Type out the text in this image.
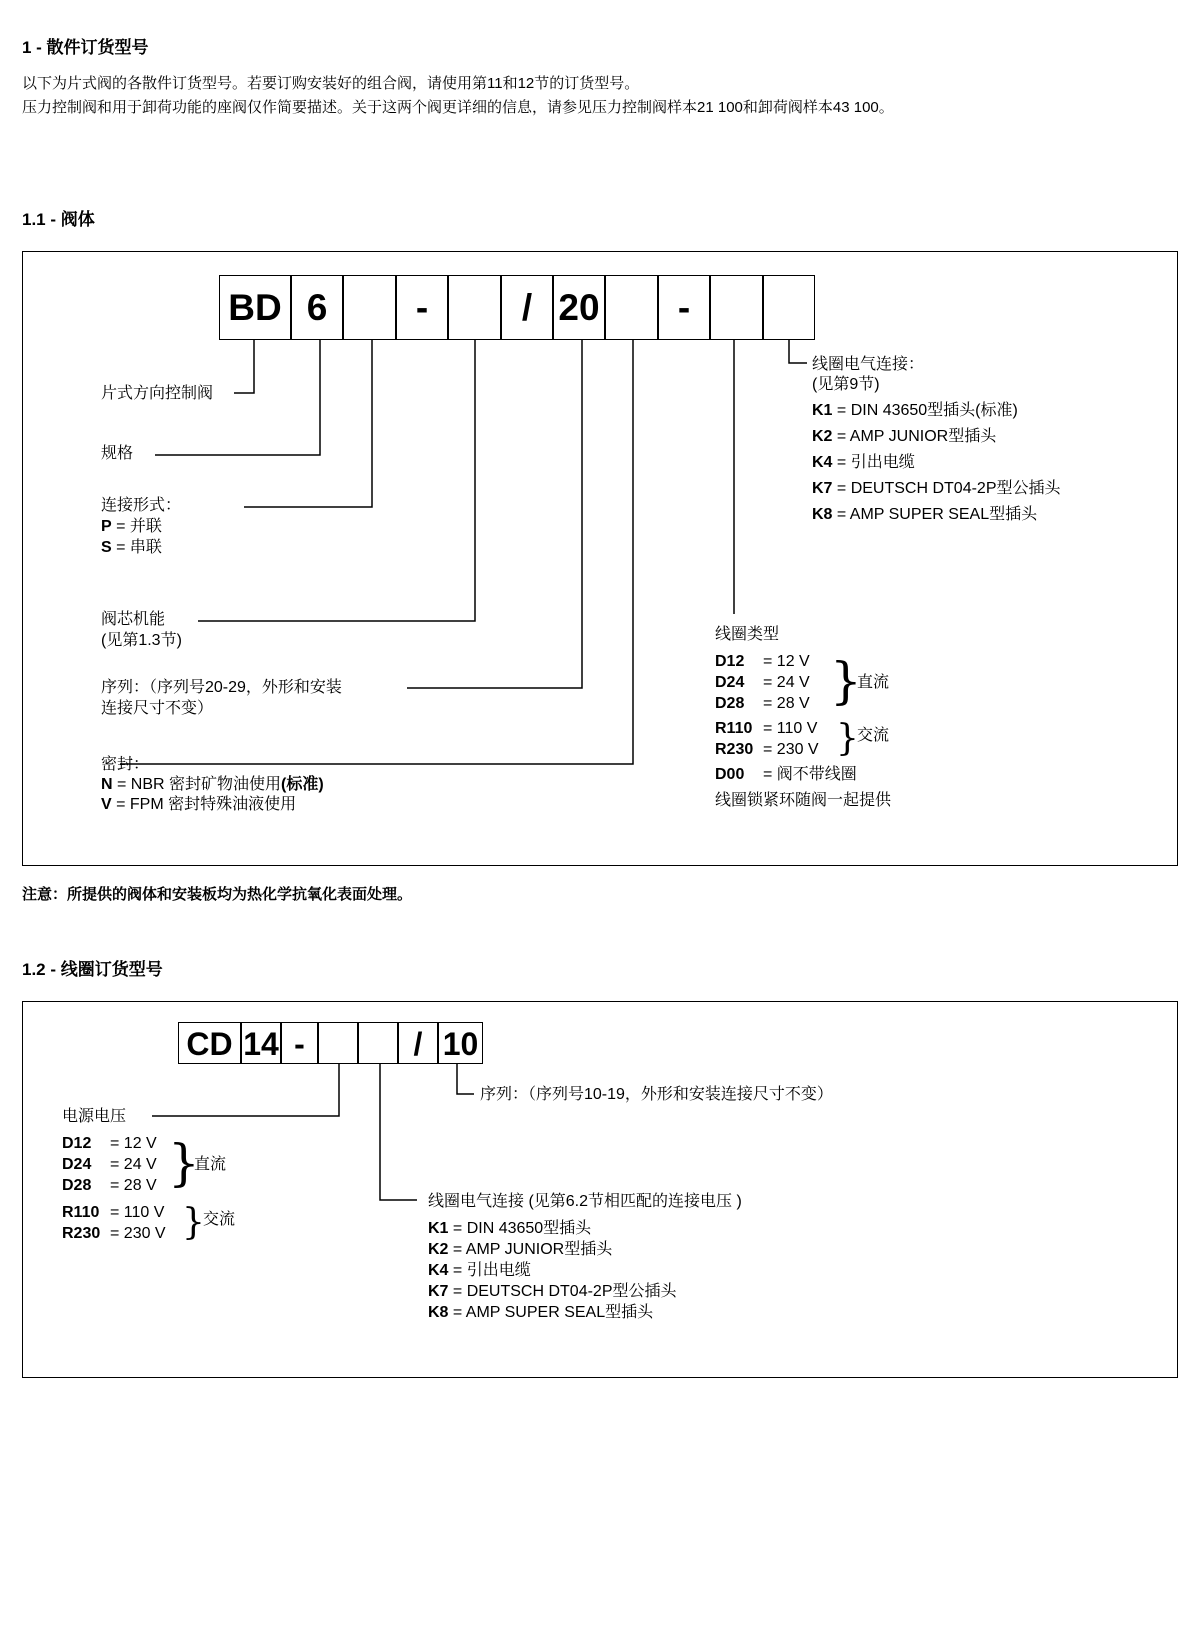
1 - 散件订货型号
以下为片式阀的各散件订货型号。若要订购安装好的组合阀，请使用第11和12节的订货型号。
压力控制阀和用于卸荷功能的座阀仅作简要描述。关于这两个阀更详细的信息，请参见压力控制阀样本21 100和卸荷阀样本43 100。
1.1 - 阀体
BD 6	-	/ 20	-
片式方向控制阀
规格
连接形式：
P = 并联
S = 串联
阀芯机能
(见第1.3节)
序列：（序列号20-29，外形和安装
连接尺寸不变）
密封：
N = NBR 密封矿物油使用(标准)
V = FPM 密封特殊油液使用
线圈电气连接：
(见第9节)
K1 = DIN 43650型插头(标准)
K2 = AMP JUNIOR型插头
K4 = 引出电缆
K7 = DEUTSCH DT04-2P型公插头
K8 = AMP SUPER SEAL型插头
线圈类型
D12 = 12 V
D24 = 24 V
D28 = 28 V }
直流
R110 = 110 V
R230 = 230 V }
交流
D00 = 阀不带线圈
线圈锁紧环随阀一起提供
注意：所提供的阀体和安装板均为热化学抗氧化表面处理。
1.2 - 线圈订货型号
CD 14 -	/ 10
序列：（序列号10-19，外形和安装连接尺寸不变）
电源电压
D12 = 12 V
D24 = 24 V
D28 = 28 V }
直流
R110 = 110 V
R230 = 230 V }
交流
线圈电气连接 (见第6.2节相匹配的连接电压 )
K1 = DIN 43650型插头
K2 = AMP JUNIOR型插头
K4 = 引出电缆
K7 = DEUTSCH DT04-2P型公插头
K8 = AMP SUPER SEAL型插头
